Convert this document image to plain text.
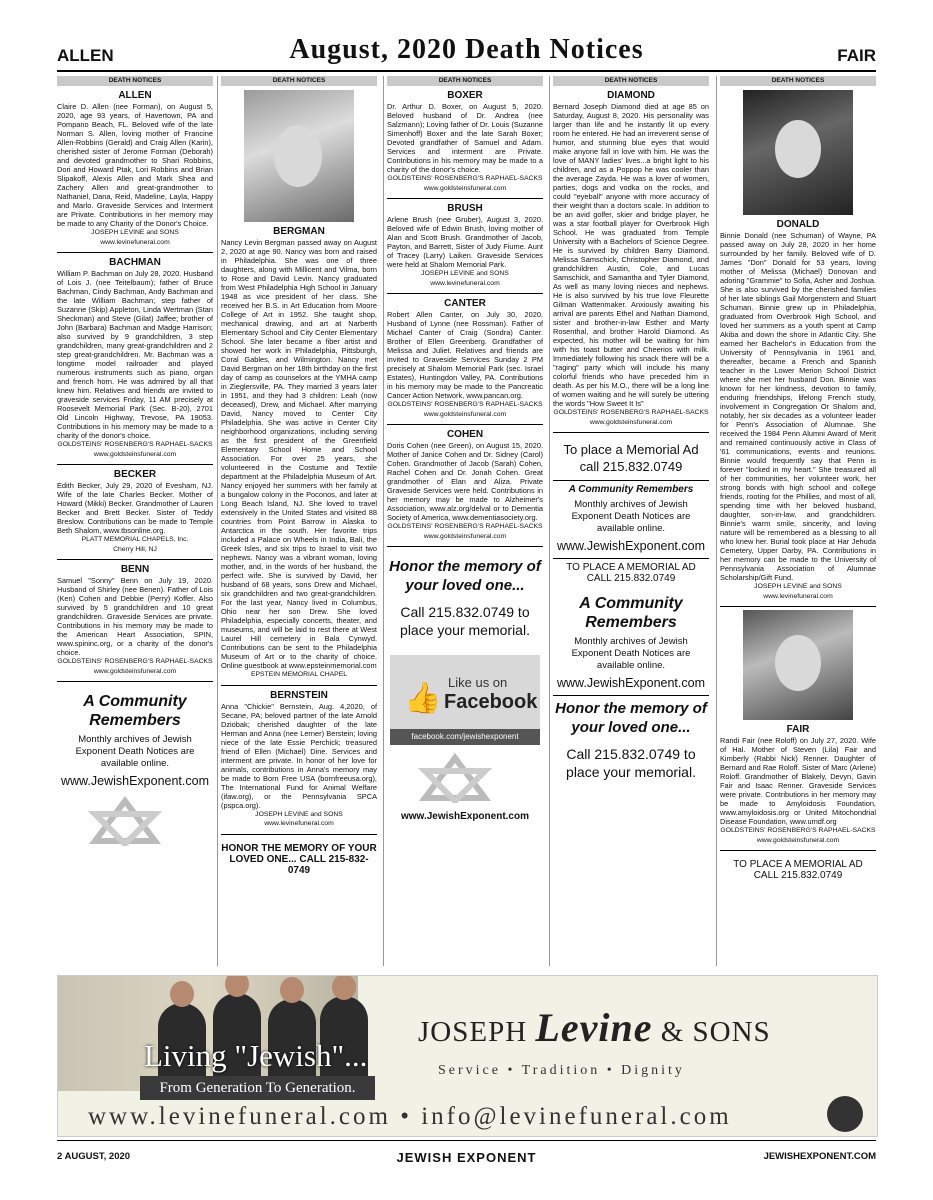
ALLEN	August, 2020 Death Notices	FAIR
DEATH NOTICES
ALLEN

Claire D. Allen (nee Forman), on August 5, 2020, age 93 years, of Havertown, PA and Pompano Beach, FL. Beloved wife of the late Norman S. Allen, loving mother of Francine Allen-Robbins (Gerald) and Craig Allen (Karin), cherished sister of Jerome Forman (Deborah) and devoted grandmother to Shari Robbins, Dori and Howard Ptak, Lori Robbins and Brian Slipakoff, Alexis Allen and Mark Shea and Zachery Allen and great-grandmother to Nathaniel, Dana, Reid, Madeline, Layla, Happy and Marlo. Graveside Services and Interment are Private. Contributions in her memory may be made to any Charity of the Donor's Choice.

JOSEPH LEVINE and SONS

www.levinefuneral.com

BACHMAN

William P. Bachman on July 28, 2020. Husband of Lois J. (nee Teitelbaum); father of Bruce Bachman, Cindy Bachman, Andy Bachman and the late William Bachman; step father of Suzanne (Skip) Appleton, Linda Wertman (Stan Sheckman) and Steve (Gilat) Jaffee; brother of John (Barbara) Bachman and Madge Harrison; also survived by 9 grandchildren, 3 step grandchildren, many great-grandchildren and 2 step great-grandchildren. Mr. Bachman was a longtime model railroader and played numerous instruments such as piano, organ and french horn. He was admired by all that knew him. Relatives and friends are invited to graveside services Friday, 11 AM precisely at Roosevelt Memorial Park (Sec. B-20), 2701 Old Lincoln Highway, Trevose, PA 19053. Contributions in his memory may be made to a charity of the donor's choice.

GOLDSTEINS' ROSENBERG'S RAPHAEL-SACKS

www.goldsteinsfuneral.com

BECKER

Edith Becker, July 29, 2020 of Evesham, NJ. Wife of the late Charles Becker. Mother of Howard (Mikki) Becker. Grandmother of Lauren Becker and Brett Becker. Sister of Teddy Breslow. Contributions can be made to Temple Beth Shalom, www.tbsonline.org.

PLATT MEMORIAL CHAPELS, Inc.

Cherry Hill, NJ

BENN

Samuel "Sonny" Benn on July 19, 2020. Husband of Shirley (nee Benen). Father of Lois (Ken) Cohen and Debbie (Perry) Koffer. Also survived by 5 grandchildren and 10 great grandchildren. Graveside Services are private. Contributions in his memory may be made to the American Heart Association, SPIN, www.spininc.org, or a charity of the donor's choice.

GOLDSTEINS' ROSENBERG'S RAPHAEL-SACKS

www.goldsteinsfuneral.com

A Community Remembers
Monthly archives of Jewish Exponent Death Notices are available online.
www.JewishExponent.com
DEATH NOTICES
BERGMAN

Nancy Levin Bergman passed away on August 2, 2020 at age 90. Nancy was born and raised in Philadelphia. She was one of three daughters, along with Millicent and Vilma, born to Rose and David Levin. Nancy graduated from West Philadelphia High School in January 1948 as vice president of her class. She received her B.S. in Art Education from Moore College of Art in 1952. She taught shop, mechanical drawing, and art at Narberth Elementary School and City Center Elementary School. She later became a fiber artist and showed her work in Philadelphia, Pittsburgh, Coral Gables, and Wilmington. Nancy met David Bergman on her 18th birthday on the first day of camp as counselors at the YMHA camp in Zieglersville, PA. They married 3 years later in 1951, and they had 3 children: Leah (now deceased), Drew, and Michael. After marrying David, Nancy moved to Center City Philadelphia. She was active in Center City neighborhood organizations, including serving as the first president of the Greenfield Elementary School Home and School Association. For over 25 years, she volunteered in the Costume and Textile department at the Philadelphia Museum of Art. Nancy enjoyed her summers with her family at a bungalow colony in the Poconos, and later at Long Beach Island, NJ. She loved to travel extensively in the United States and visited 88 countries from Point Barrow in Alaska to Antarctica in the south. Her favorite trips included a Palace on Wheels in India, Bali, the Greek Isles, and six trips to Israel to visit two nephews. Nancy was a vibrant woman, loving mother, and, in the words of her husband, the perfect wife. She is survived by David, her husband of 68 years, sons Drew and Michael, six grandchildren and two great-grandchildren. For the last year, Nancy lived in Columbus, Ohio near her son Drew. She loved Philadelphia, especially concerts, theater, and museums, and will be laid to rest there at West Laurel Hill cemetery in Bala Cynwyd. Contributions can be sent to the Philadelphia Museum of Art or to the charity of choice. Online guestbook at www.epsteinmemorial.com

EPSTEIN MEMORIAL CHAPEL

BERNSTEIN

Anna "Chickie" Bernstein, Aug. 4,2020, of Secane, PA; beloved partner of the late Arnold Dziobak; cherished daughter of the late Herman and Anna (nee Lerner) Berstein; loving niece of the late Essie Perchick; treasured friend of Ellen (Michael) Dine. Services and interment are private. In honor of her love for animals, contributions in Anna's memory may be made to Born Free USA (bornfreeusa.org), The International Fund for Animal Welfare (ifaw.org), or the Pennsylvania SPCA (pspca.org).

JOSEPH LEVINE and SONS

www.levinefuneral.com

HONOR THE MEMORY OF YOUR LOVED ONE... CALL 215-832-0749
DEATH NOTICES
BOXER

Dr. Arthur D. Boxer, on August 5, 2020. Beloved husband of Dr. Andrea (nee Salzmann); Loving father of Dr. Louis (Suzanne Simenhoff) Boxer and the late Sarah Boxer; Devoted grandfather of Samuel and Adam. Services and interment are Private. Contributions in his memory may be made to a charity of the donor's choice.

GOLDSTEINS' ROSENBERG'S RAPHAEL-SACKS

www.goldsteinsfuneral.com

BRUSH

Arlene Brush (nee Gruber), August 3, 2020. Beloved wife of Edwin Brush, loving mother of Alan and Scott Brush. Grandmother of Jacob, Payton, and Barrett, Sister of Judy Fiume. Aunt of Tracey (Larry) Laiken. Graveside Services were held at Shalom Memorial Park.

JOSEPH LEVINE and SONS

www.levinefuneral.com

CANTER

Robert Allen Canter, on July 30, 2020. Husband of Lynne (nee Rossman). Father of Michael Canter of Craig (Sondra) Canter. Brother of Ellen Greenberg. Grandfather of Melissa and Juliet. Relatives and friends are invited to Graveside Services Sunday 2 PM precisely at Shalom Memorial Park (sec. Israel Estates), Huntingdon Valley, PA. Contributions in his memory may be made to the Pancreatic Cancer Action Network, www.pancan.org.

GOLDSTEINS' ROSENBERG'S RAPHAEL-SACKS

www.goldsteinsfuneral.com

COHEN

Doris Cohen (nee Green), on August 15, 2020. Mother of Janice Cohen and Dr. Sidney (Carol) Cohen. Grandmother of Jacob (Sarah) Cohen, Rachel Cohen and Dr. Jonah Cohen. Great grandmother of Elan and Aliza. Private Graveside Services were held. Contributions in her memory may be made to Alzheimer's Association, www.alz.org/delval or to Dementia Society of America, www.dementiasociety.org.

GOLDSTEINS' ROSENBERG'S RAPHAEL-SACKS

www.goldsteinsfuneral.com

Honor the memory of your loved one...
Call 215.832.0749 to place your memorial.
👍 Like us on
Facebook
facebook.com/jewishexponent
www.JewishExponent.com
DEATH NOTICES
DIAMOND

Bernard Joseph Diamond died at age 85 on Saturday, August 8, 2020. His personality was larger than life and he instantly lit up every room he entered. He had an irreverent sense of humor, and stunning blue eyes that would make anyone fall in love with him. He was the love of MANY ladies' lives...a bright light to his children, and as a Poppop he was cooler than the average Zayda. He was a lover of women, parties, dogs and vodka on the rocks, and could "eyeball" anyone with more accuracy of their weight than a doctors scale. In addition to be an avid golfer, skier and bridge player, he was a star football player for Overbrook High School. He was graduated from Temple University with a Bachelors of Science Degree. He is survived by children Barry Diamond, Melissa Samschick, Christopher Diamond, and grandchildren Austin, Cole, and Lucas Samschick, and Samantha and Tyler Diamond, As well as many loving nieces and nephews. He is also survived by his true love Fleurette Gilman Wattenmaker. Anxiously awaiting his arrival are parents Ethel and Nathan Diamond, sister and brother-in-law Esther and Marty Rosenthal, and brother Harold Diamond. As expected, his mother will be waiting for him with his toast butter and Cheerios with milk. Immediately following his snack there will be a "raging" party which will include his many colorful friends who have preceded him in death. As per his M.O., there will be a long line of women waiting and he will surely be uttering the words "How Sweet It Is"

GOLDSTEINS' ROSENBERG'S RAPHAEL-SACKS

www.goldsteinsfuneral.com

To place a Memorial Ad call 215.832.0749
A Community Remembers
Monthly archives of Jewish Exponent Death Notices are available online.
www.JewishExponent.com
TO PLACE A MEMORIAL AD CALL 215.832.0749
A Community Remembers
Monthly archives of Jewish Exponent Death Notices are available online.
www.JewishExponent.com
Honor the memory of your loved one...
Call 215.832.0749 to place your memorial.
DEATH NOTICES
DONALD

Binnie Donald (nee Schuman) of Wayne, PA passed away on July 28, 2020 in her home surrounded by her family. Beloved wife of D. James "Don" Donald for 53 years, loving mother of Melissa (Michael) Donovan and adoring "Grammie" to Sofia, Asher and Joshua. She is also survived by the cherished families of her late siblings Gail Morgenstern and Stuart Schuman. Binnie grew up in Philadelphia, graduated from Overbrook High School, and loved her summers as a youth spent at Camp Akiba and down the shore in Atlantic City. She earned her Bachelor's in Education from the University of Pennsylvania in 1961 and, thereafter, became a French and Spanish teacher in the Lower Merion School District where she met her husband Don. Binnie was known for her kindness, devotion to family, enduring friendships, lifelong French study, involvement in Congregation Or Shalom and, notably, her six decades as a volunteer leader for Penn's Association of Alumnae. She received the 1984 Penn Alumni Award of Merit and remained continuously active in Class of '61 communications, events and reunions. Binnie would frequently say that Penn is forever "locked in my heart." She treasured all of her communities, her volunteer work, her strong bonds with high school and college friends, rooting for the Phillies, and most of all, spending time with her beloved husband, daughter, son-in-law, and grandchildren. Binnie's warm smile, sincerity, and loving nature will be remembered as a blessing to all who knew her. Burial took place at Har Jehuda Cemetery, Upper Darby, PA. Contributions in her memory can be made to the University of Pennsylvania Association of Alumnae Scholarship/Gift Fund.

JOSEPH LEVINE and SONS

www.levinefuneral.com

FAIR

Randi Fair (nee Roloff) on July 27, 2020. Wife of Hal. Mother of Steven (Lila) Fair and Kimberly (Rabbi Nick) Renner. Daughter of Bernard and Rae Roloff. Sister of Marc (Arlene) Roloff. Grandmother of Blakely, Devyn, Gavin Fair and Isaac Renner. Graveside Services were private. Contributions in her memory may be made to Amyloidosis Foundation, www.amyloidosis.org or United Mitochondrial Disease Foundation, www.umdf.org

GOLDSTEINS' ROSENBERG'S RAPHAEL-SACKS

www.goldsteinsfuneral.com

TO PLACE A MEMORIAL AD CALL 215.832.0749
Living "Jewish"...
From Generation To Generation.
JOSEPH Levine & SONS
Service • Tradition • Dignity
www.levinefuneral.com • info@levinefuneral.com
2 AUGUST, 2020	JEWISH EXPONENT	JEWISHEXPONENT.COM
